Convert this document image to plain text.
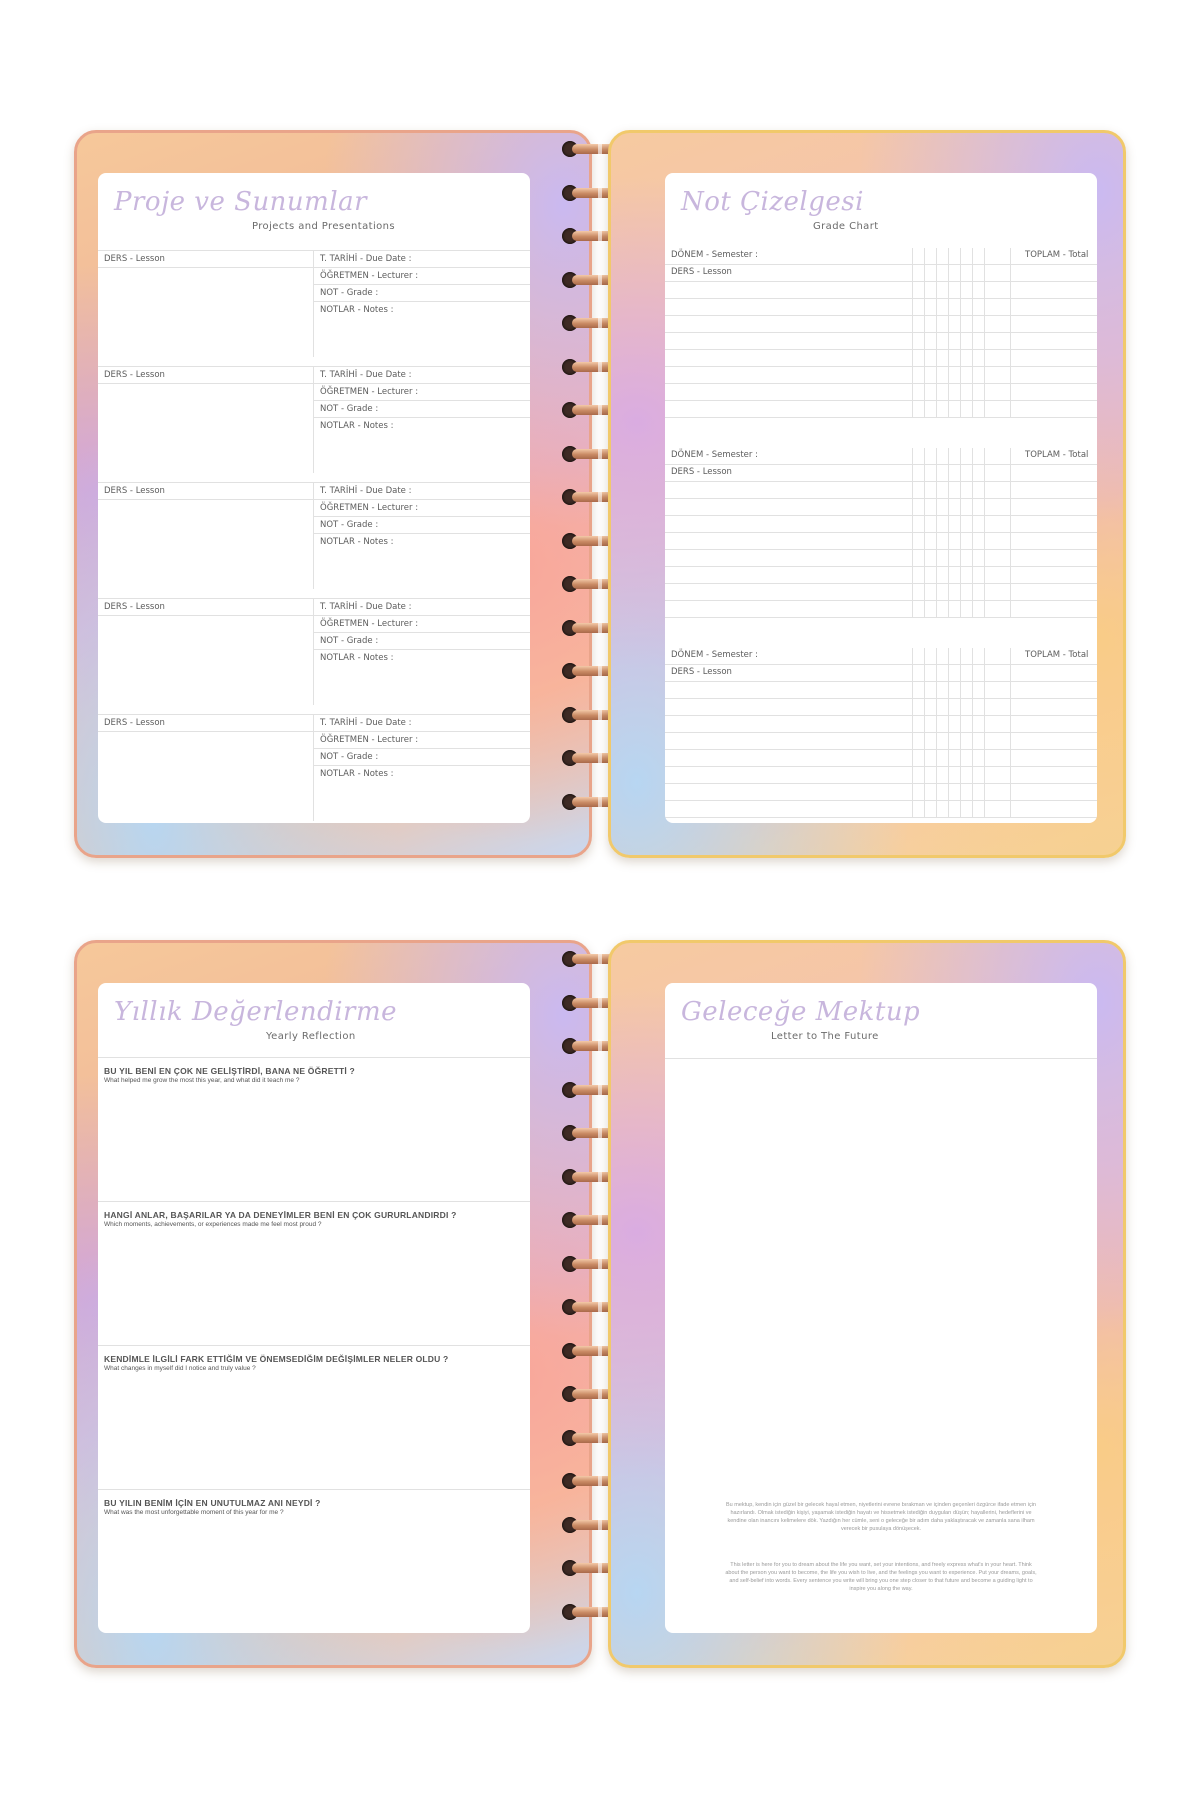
Proje ve Sunumlar
Projects and Presentations
DERS - Lesson	T. TARİHİ - Due Date :
ÖĞRETMEN - Lecturer :
NOT - Grade :
NOTLAR - Notes :
DERS - Lesson	T. TARİHİ - Due Date :
ÖĞRETMEN - Lecturer :
NOT - Grade :
NOTLAR - Notes :
DERS - Lesson	T. TARİHİ - Due Date :
ÖĞRETMEN - Lecturer :
NOT - Grade :
NOTLAR - Notes :
DERS - Lesson	T. TARİHİ - Due Date :
ÖĞRETMEN - Lecturer :
NOT - Grade :
NOTLAR - Notes :
DERS - Lesson	T. TARİHİ - Due Date :
ÖĞRETMEN - Lecturer :
NOT - Grade :
NOTLAR - Notes :
Not Çizelgesi
Grade Chart
DÖNEM - Semester :	TOPLAM - Total
DERS - Lesson
DÖNEM - Semester :	TOPLAM - Total
DERS - Lesson
DÖNEM - Semester :	TOPLAM - Total
DERS - Lesson
Yıllık Değerlendirme
Yearly Reflection
BU YIL BENİ EN ÇOK NE GELİŞTİRDİ, BANA NE ÖĞRETTİ ?
What helped me grow the most this year, and what did it teach me ?
HANGİ ANLAR, BAŞARILAR YA DA DENEYİMLER BENİ EN ÇOK GURURLANDIRDI ?
Which moments, achievements, or experiences made me feel most proud ?
KENDİMLE İLGİLİ FARK ETTİĞİM VE ÖNEMSEDİĞİM DEĞİŞİMLER NELER OLDU ?
What changes in myself did I notice and truly value ?
BU YILIN BENİM İÇİN EN UNUTULMAZ ANI NEYDİ ?
What was the most unforgettable moment of this year for me ?
Geleceğe Mektup
Letter to The Future
Bu mektup, kendin için güzel bir gelecek hayal etmen, niyetlerini evrene bırakman ve içinden geçenleri özgürce ifade etmen için hazırlandı. Olmak istediğin kişiyi, yaşamak istediğin hayatı ve hissetmek istediğin duyguları düşün; hayallerini, hedeflerini ve kendine olan inancını kelimelere dök. Yazdığın her cümle, seni o geleceğe bir adım daha yaklaştıracak ve zamanla sana ilham verecek bir pusulaya dönüşecek.
This letter is here for you to dream about the life you want, set your intentions, and freely express what's in your heart. Think about the person you want to become, the life you wish to live, and the feelings you want to experience. Put your dreams, goals, and self-belief into words. Every sentence you write will bring you one step closer to that future and become a guiding light to inspire you along the way.
